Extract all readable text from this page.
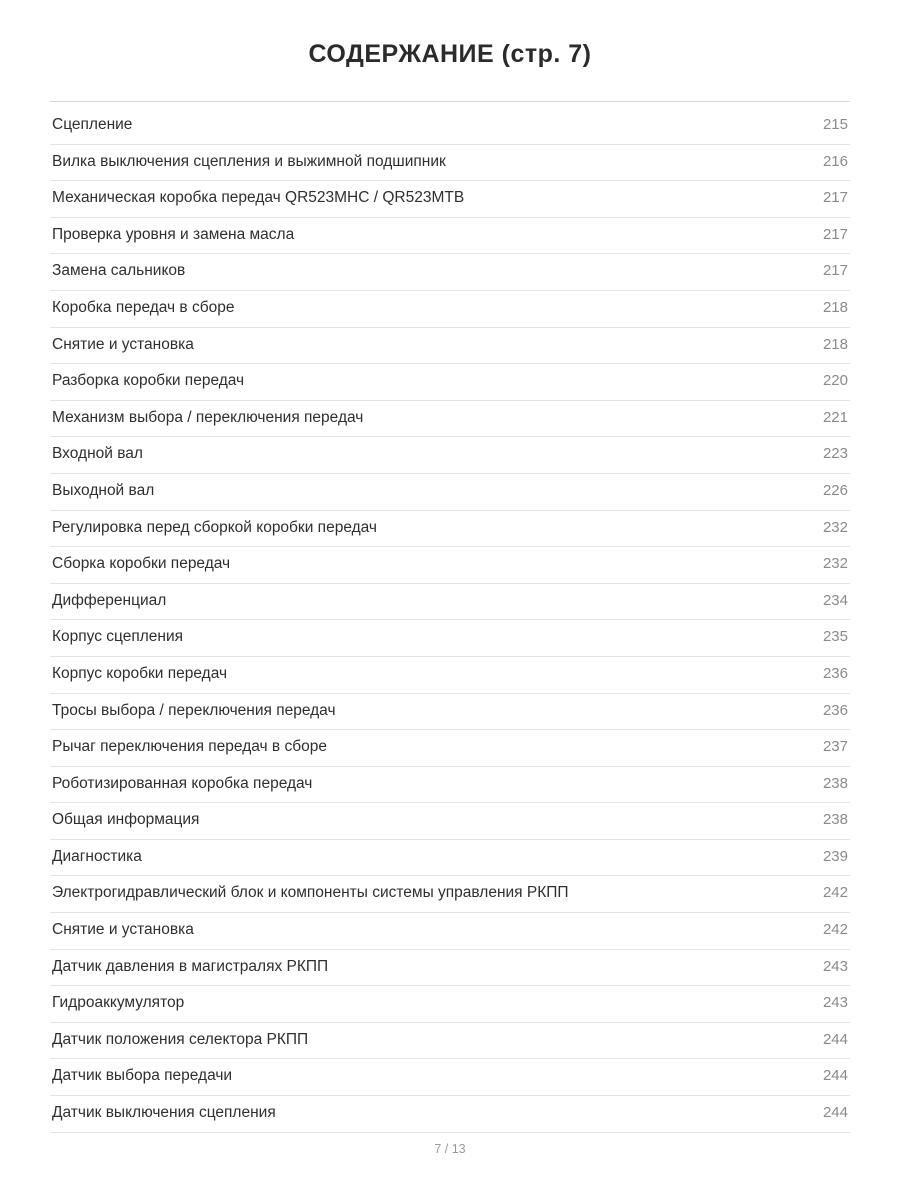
СОДЕРЖАНИЕ (стр. 7)
Сцепление	215
Вилка выключения сцепления и выжимной подшипник	216
Механическая коробка передач QR523MHC / QR523MTB	217
Проверка уровня и замена масла	217
Замена сальников	217
Коробка передач в сборе	218
Снятие и установка	218
Разборка коробки передач	220
Механизм выбора / переключения передач	221
Входной вал	223
Выходной вал	226
Регулировка перед сборкой коробки передач	232
Сборка коробки передач	232
Дифференциал	234
Корпус сцепления	235
Корпус коробки передач	236
Тросы выбора / переключения передач	236
Рычаг переключения передач в сборе	237
Роботизированная коробка передач	238
Общая информация	238
Диагностика	239
Электрогидравлический блок и компоненты системы управления РКПП	242
Снятие и установка	242
Датчик давления в магистралях РКПП	243
Гидроаккумулятор	243
Датчик положения селектора РКПП	244
Датчик выбора передачи	244
Датчик выключения сцепления	244
7 / 13
